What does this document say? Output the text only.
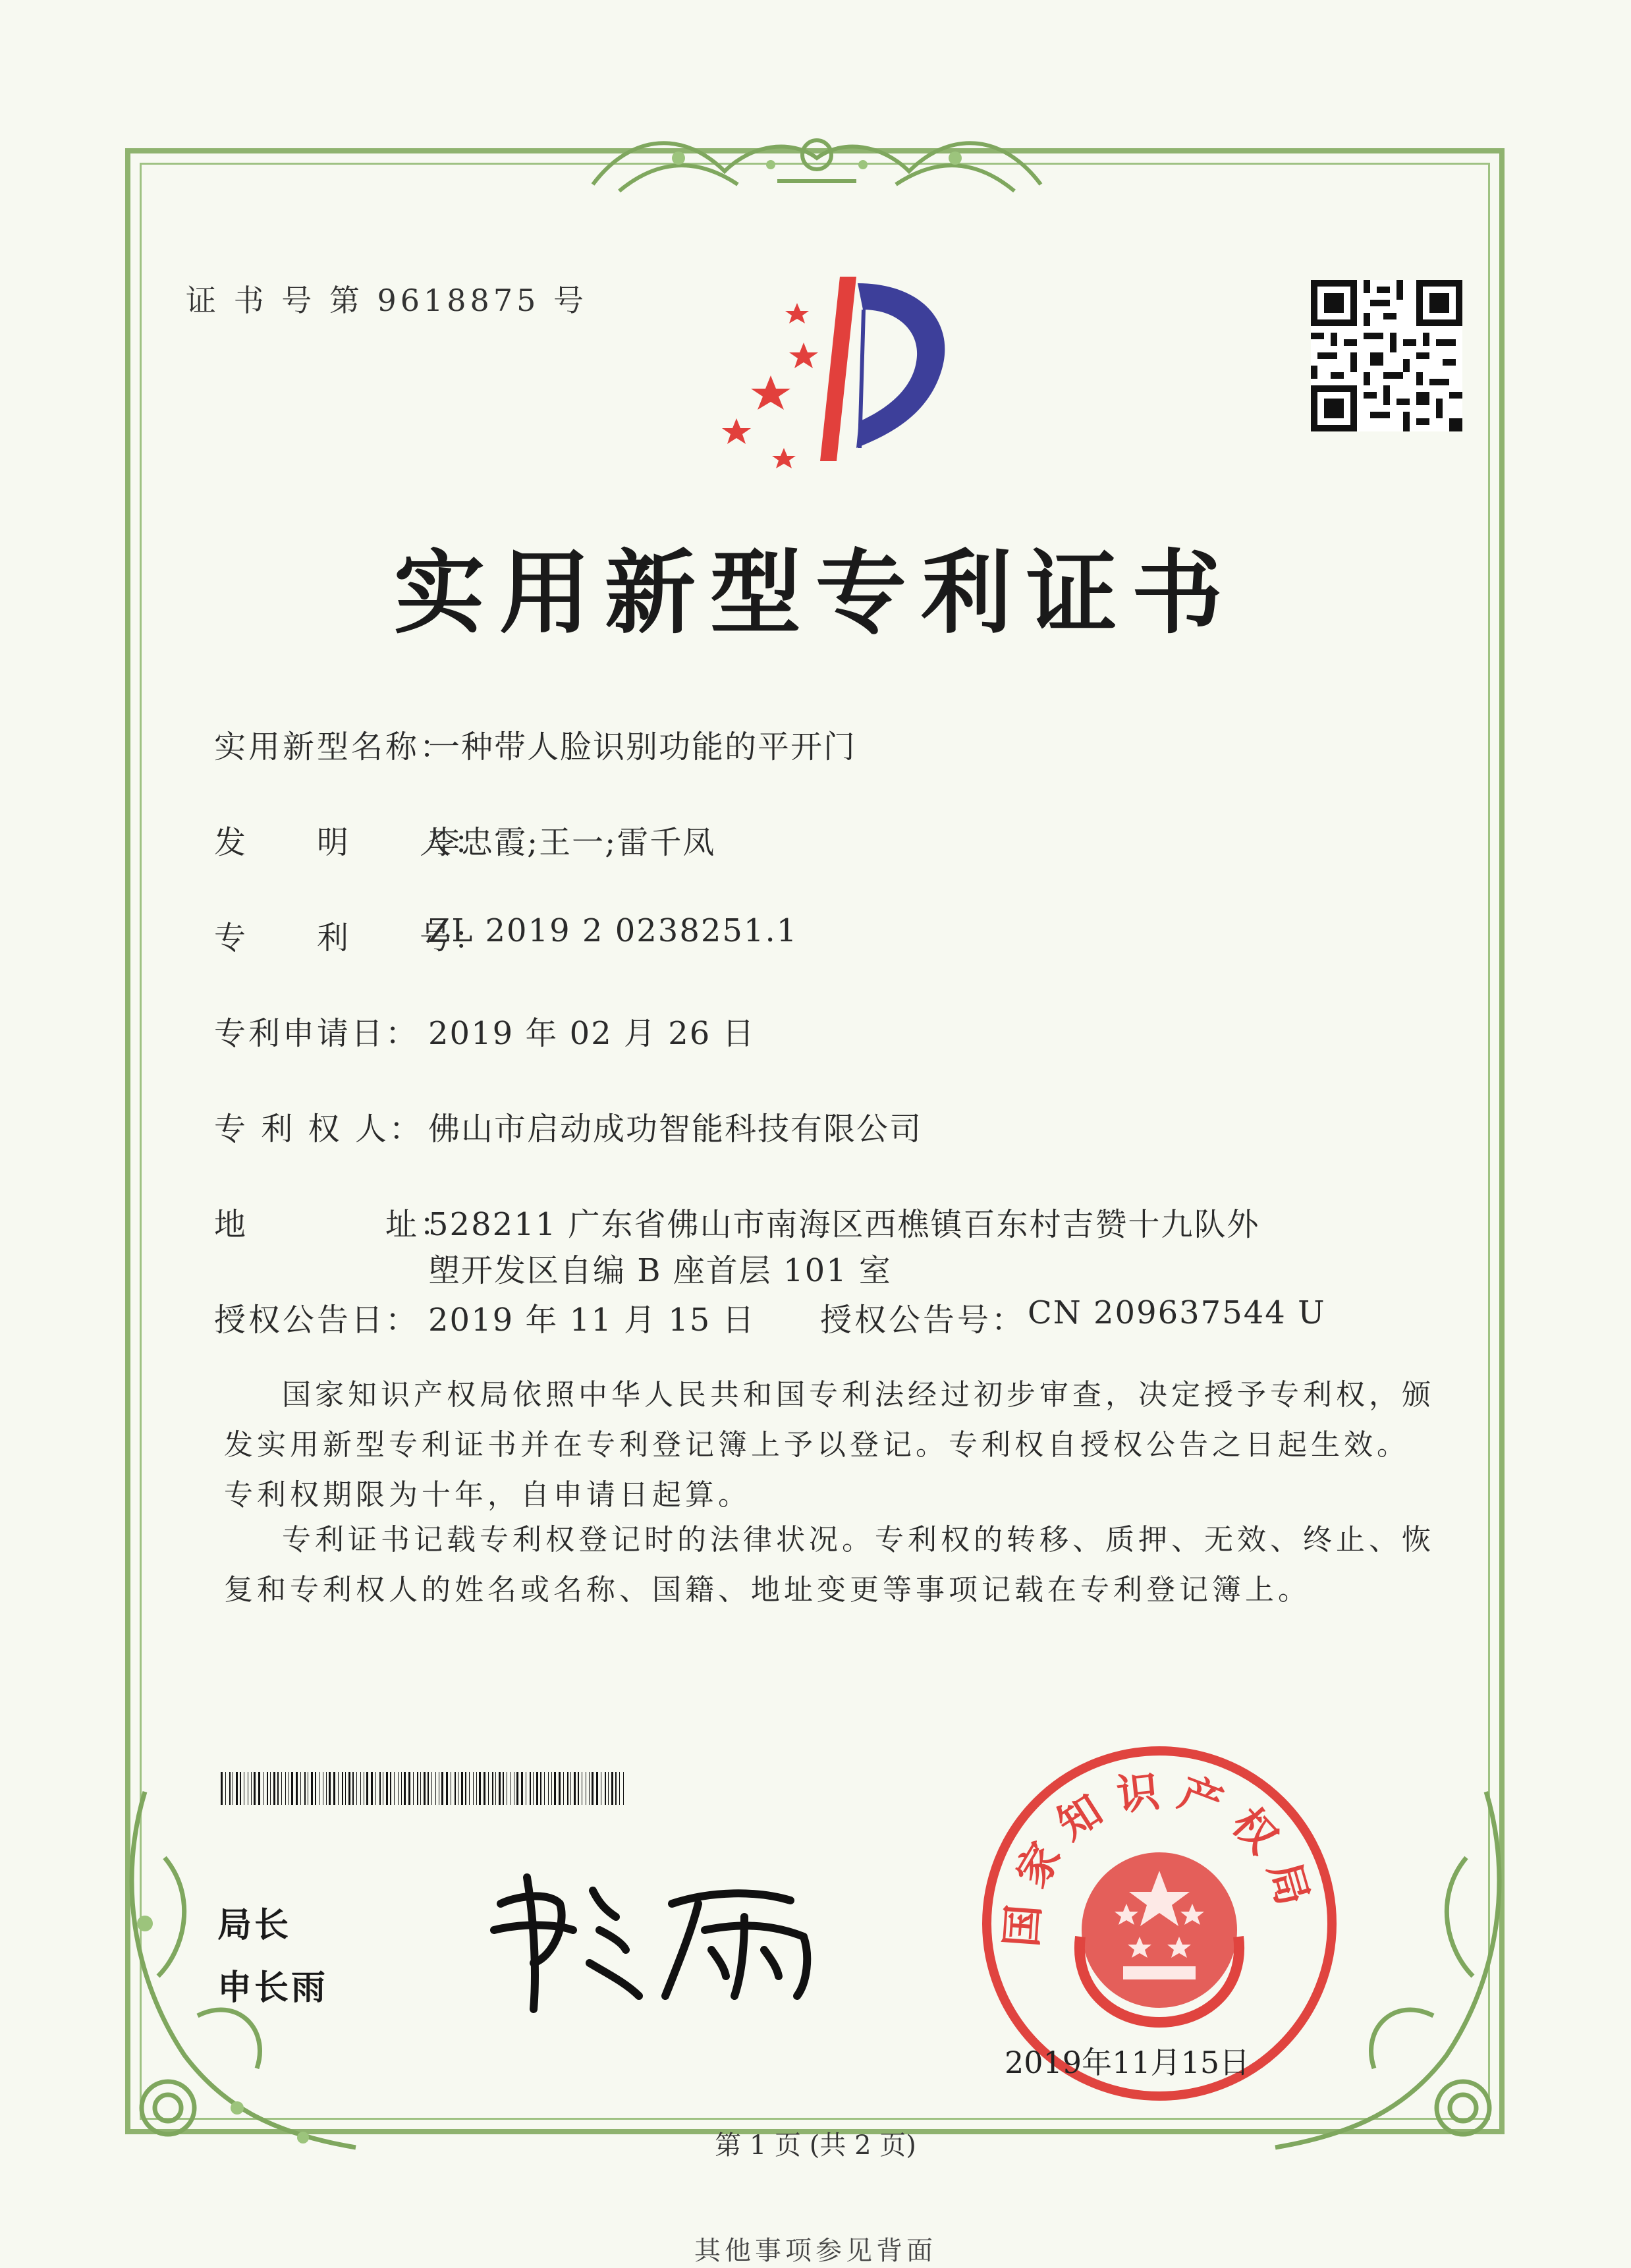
证 书 号 第 9618875 号
实用新型专利证书
实用新型名称：
一种带人脸识别功能的平开门
发　　明　　人：
李忠霞;王一;雷千凤
专　　利　　号：
ZL 2019 2 0238251.1
专利申请日： 2019 年 02 月 26 日
专 利 权 人： 佛山市启动成功智能科技有限公司
地　　　　址：
528211 广东省佛山市南海区西樵镇百东村吉赞十九队外
塱开发区自编 B 座首层 101 室
授权公告日： 2019 年 11 月 15 日 授权公告号： CN 209637544 U
国家知识产权局依照中华人民共和国专利法经过初步审查，决定授予专利权，颁发实用新型专利证书并在专利登记簿上予以登记。专利权自授权公告之日起生效。专利权期限为十年，自申请日起算。
专利证书记载专利权登记时的法律状况。专利权的转移、质押、无效、终止、恢复和专利权人的姓名或名称、国籍、地址变更等事项记载在专利登记簿上。
局长
申长雨
国家知识产权局
2019年11月15日
第 1 页 (共 2 页)
其他事项参见背面
